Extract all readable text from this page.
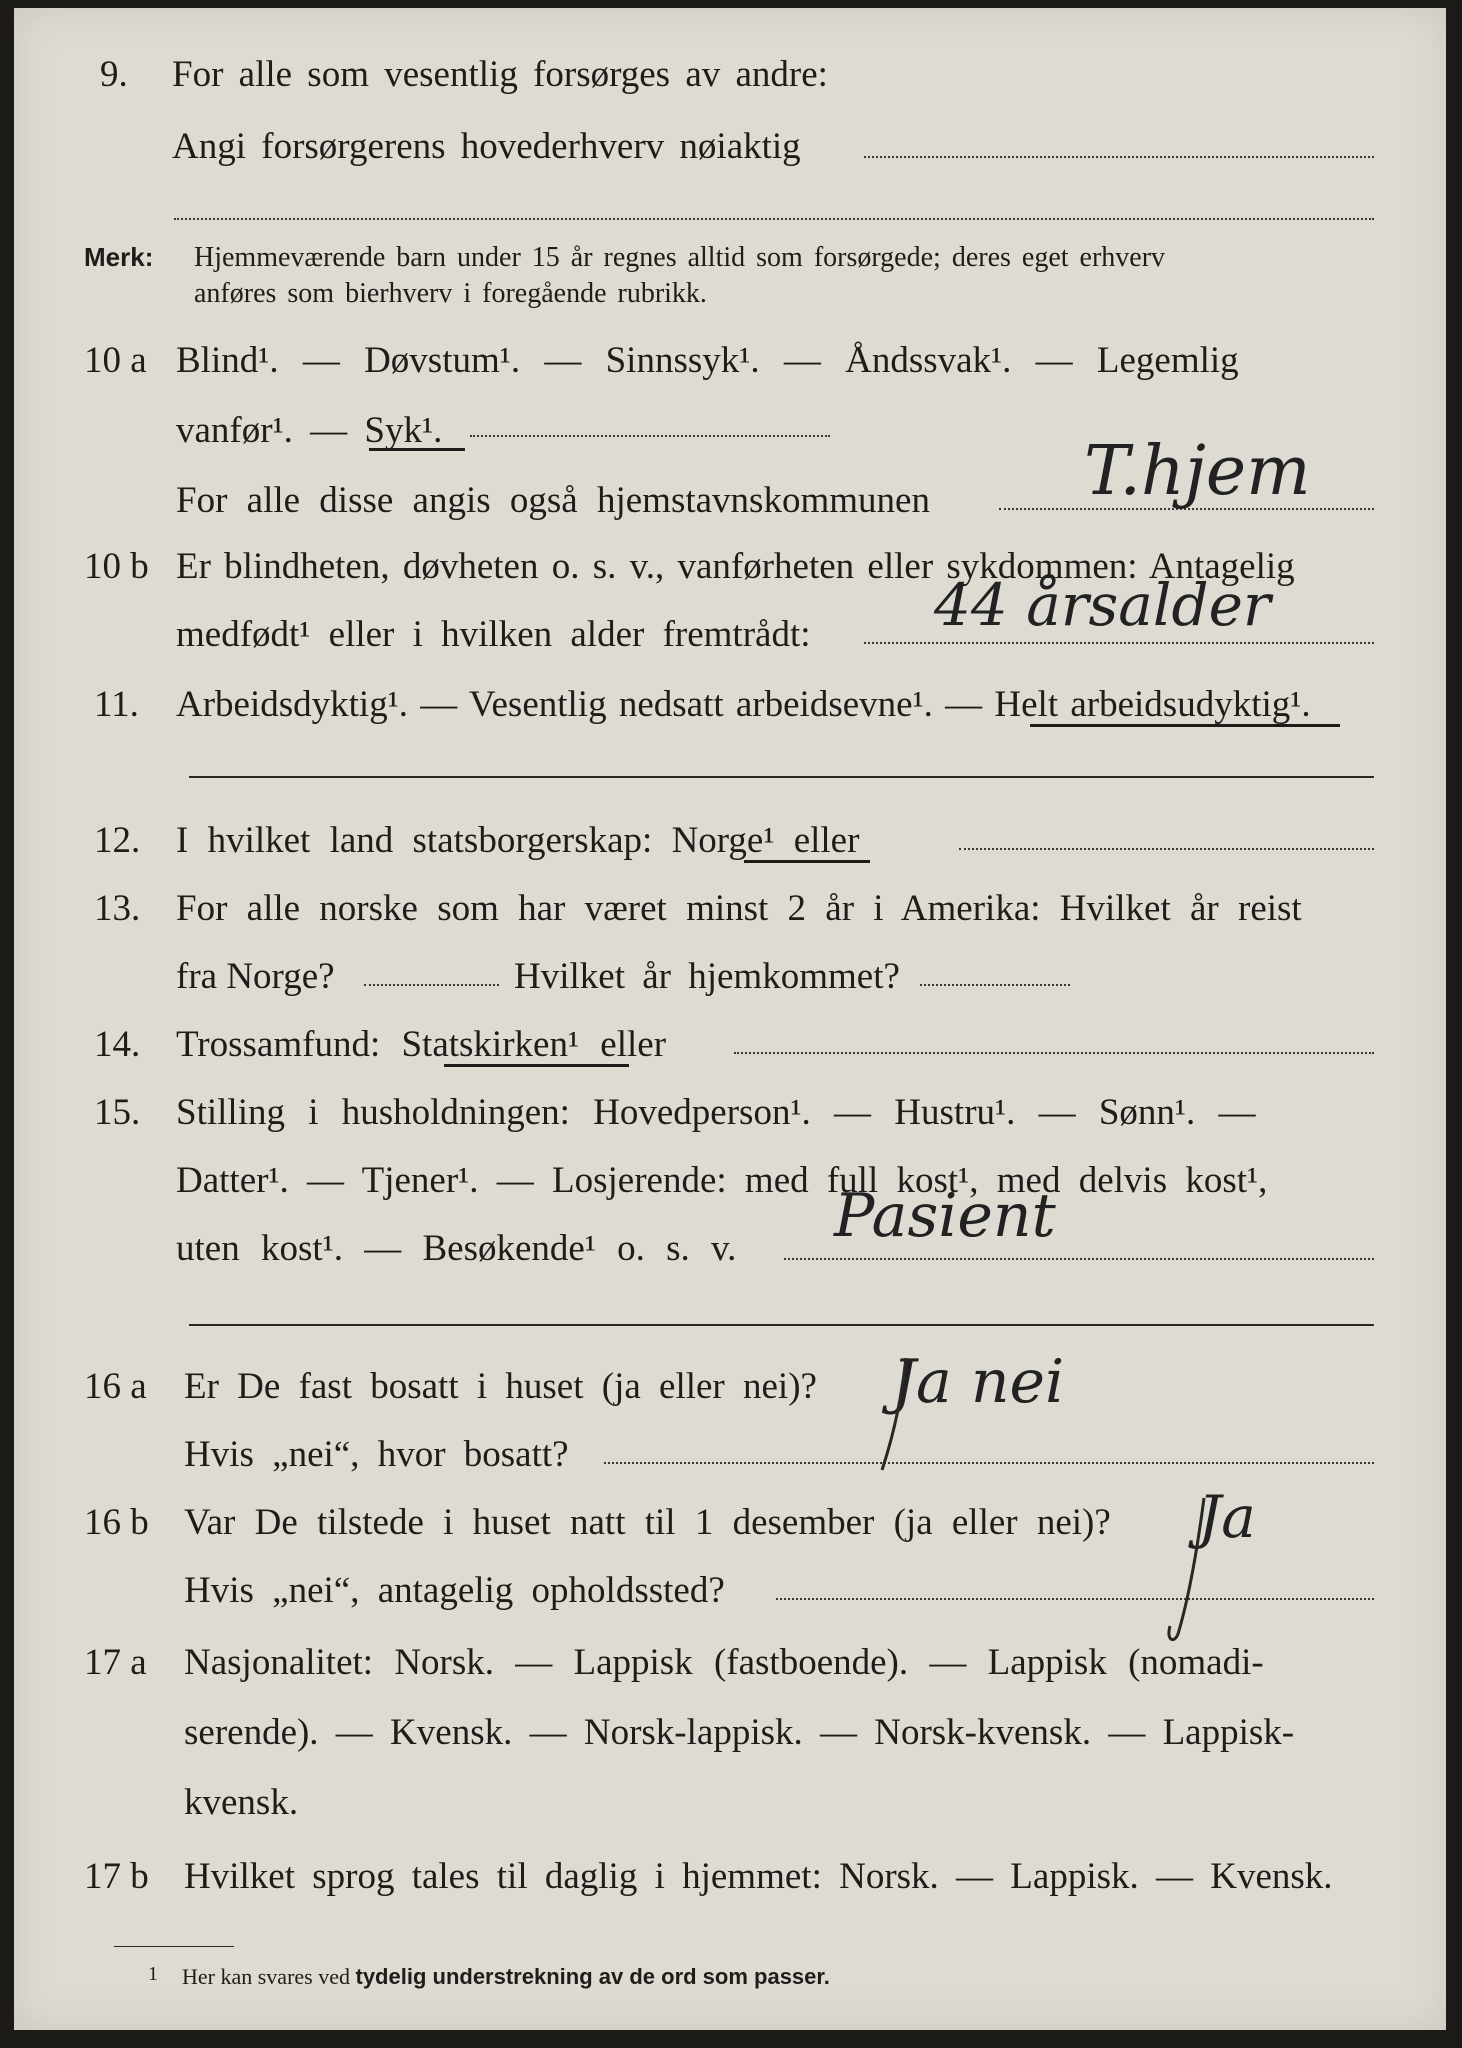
9. For alle som vesentlig forsørges av andre:
Angi forsørgerens hovederhverv nøiaktig
Merk: Hjemmeværende barn under 15 år regnes alltid som forsørgede; deres eget erhverv
anføres som bierhverv i foregående rubrikk.
10 a Blind¹. — Døvstum¹. — Sinnssyk¹. — Åndssvak¹. — Legemlig
vanfør¹. — Syk¹.
For alle disse angis også hjemstavnskommunen T.hjem
10 b Er blindheten, døvheten o. s. v., vanførheten eller sykdommen: Antagelig
medfødt¹ eller i hvilken alder fremtrådt: 44 årsalder
11. Arbeidsdyktig¹. — Vesentlig nedsatt arbeidsevne¹. — Helt arbeidsudyktig¹.
12. I hvilket land statsborgerskap: Norge¹ eller
13. For alle norske som har været minst 2 år i Amerika: Hvilket år reist
fra Norge?	Hvilket år hjemkommet?
14. Trossamfund: Statskirken¹ eller
15. Stilling i husholdningen: Hovedperson¹. — Hustru¹. — Sønn¹. —
Datter¹. — Tjener¹. — Losjerende: med full kost¹, med delvis kost¹,
uten kost¹. — Besøkende¹ o. s. v. Pasient
16 a Er De fast bosatt i huset (ja eller nei)?
Hvis „nei“, hvor bosatt?
Ja nei
16 b Var De tilstede i huset natt til 1 desember (ja eller nei)?
Hvis „nei“, antagelig opholdssted?
Ja
17 a Nasjonalitet: Norsk. — Lappisk (fastboende). — Lappisk (nomadi-
serende). — Kvensk. — Norsk-lappisk. — Norsk-kvensk. — Lappisk-
kvensk.
17 b Hvilket sprog tales til daglig i hjemmet: Norsk. — Lappisk. — Kvensk.
1 Her kan svares ved tydelig understrekning av de ord som passer.
